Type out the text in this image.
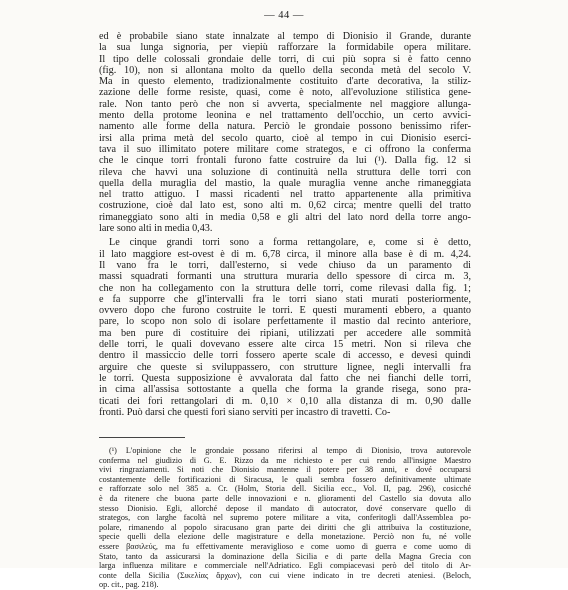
— 44 —
ed è probabile siano state innalzate al tempo di Dionisio il Grande, durante
la sua lunga signoria, per viepiù rafforzare la formidabile opera militare.
Il tipo delle colossali grondaie delle torri, di cui più sopra si è fatto cenno
(fig. 10), non si allontana molto da quello della seconda metà del secolo V.
Ma in questo elemento, tradizionalmente costituito d'arte decorativa, la stiliz-
zazione delle forme resiste, quasi, come è noto, all'evoluzione stilistica gene-
rale. Non tanto però che non si avverta, specialmente nel maggiore allunga-
mento della protome leonina e nel trattamento dell'occhio, un certo avvici-
namento alle forme della natura. Perciò le grondaie possono benissimo rifer-
irsi alla prima metà del secolo quarto, cioè al tempo in cui Dionisio eserci-
tava il suo illimitato potere militare come strategos, e ci offrono la conferma
che le cinque torri frontali furono fatte costruire da lui (¹). Dalla fig. 12 si
rileva che havvi una soluzione di continuità nella struttura delle torri con
quella della muraglia del mastio, la quale muraglia venne anche rimaneggiata
nel tratto attiguo. I massi ricadenti nel tratto appartenente alla primitiva
costruzione, cioè dal lato est, sono alti m. 0,62 circa; mentre quelli del tratto
rimaneggiato sono alti in media 0,58 e gli altri del lato nord della torre ango-
lare sono alti in media 0,43.
Le cinque grandi torri sono a forma rettangolare, e, come si è detto,
il lato maggiore est-ovest è di m. 6,78 circa, il minore alla base è di m. 4,24.
Il vano fra le torri, dall'esterno, si vede chiuso da un paramento di
massi squadrati formanti una struttura muraria dello spessore di circa m. 3,
che non ha collegamento con la struttura delle torri, come rilevasi dalla fig. 1;
e fa supporre che gl'intervalli fra le torri siano stati murati posteriormente,
ovvero dopo che furono costruite le torri. E questi muramenti ebbero, a quanto
pare, lo scopo non solo di isolare perfettamente il mastio dal recinto anteriore,
ma ben pure di costituire dei ripiani, utilizzati per accedere alle sommità
delle torri, le quali dovevano essere alte circa 15 metri. Non si rileva che
dentro il massiccio delle torri fossero aperte scale di accesso, e devesi quindi
arguire che queste si sviluppassero, con strutture lignee, negli intervalli fra
le torri. Questa supposizione è avvalorata dal fatto che nei fianchi delle torri,
in cima all'assisa sottostante a quella che forma la grande risega, sono pra-
ticati dei fori rettangolari di m. 0,10 × 0,10 alla distanza di m. 0,90 dalle
fronti. Può darsi che questi fori siano serviti per incastro di travetti. Co-
(¹) L'opinione che le grondaie possano riferirsi al tempo di Dionisio, trova autorevole
conferma nel giudizio di G. E. Rizzo da me richiesto e per cui rendo all'insigne Maestro
vivi ringraziamenti. Si noti che Dionisio mantenne il potere per 38 anni, e dové occuparsi
costantemente delle fortificazioni di Siracusa, le quali sembra fossero definitivamente ultimate
e rafforzate solo nel 385 a. Cr. (Holm, Storia dell. Sicilia ecc., Vol. II, pag. 296), cosicché
è da ritenere che buona parte delle innovazioni e n. glioramenti del Castello sia dovuta allo
stesso Dionisio. Egli, allorché depose il mandato di autocrator, dové conservare quello di
strategos, con larghe facoltà nel supremo potere militare a vita, conferitogli dall'Assemblea po-
polare, rimanendo al popolo siracusano gran parte dei diritti che gli attribuiva la costituzione,
specie quelli della elezione delle magistrature e della monetazione. Perciò non fu, né volle
essere βασιλεύς, ma fu effettivamente meraviglioso e come uomo di guerra e come uomo di
Stato, tanto da assicurarsi la dominazione della Sicilia e di parte della Magna Grecia con
larga influenza militare e commerciale nell'Adriatico. Egli compiacevasi però del titolo di Ar-
conte della Sicilia (Σικελίας ἄρχων), con cui viene indicato in tre decreti ateniesi. (Beloch,
op. cit., pag. 218).
